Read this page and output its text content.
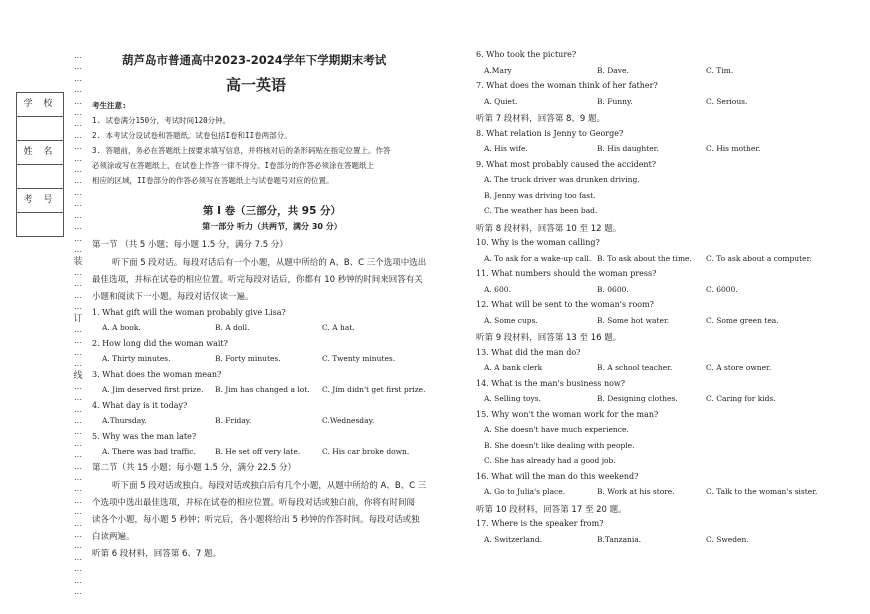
学 校
姓 名
考 号
⋯
⋯
⋯
⋯
⋯
⋯
⋯
⋯
⋯
⋯
⋯
⋯
⋯
⋯
⋯
⋯
⋯
⋯
装
⋯
⋯
⋯
⋯
订
⋯
⋯
⋯
⋯
线
⋯
⋯
⋯
⋯
⋯
⋯
⋯
⋯
⋯
⋯
⋯
⋯
⋯
⋯
⋯
⋯
⋯
⋯
⋯
葫芦岛市普通高中2023-2024学年下学期期末考试
高一英语
考生注意:
1. 试卷满分150分，考试时间120分钟。
2. 本考试分设试卷和答题纸。试卷包括I卷和II卷两部分。
3. 答题前，务必在答题纸上按要求填写信息，并将核对后的条形码贴在指定位置上。作答
必须涂或写在答题纸上，在试卷上作答一律不得分。I卷部分的作答必须涂在答题纸上
相应的区域，II卷部分的作答必须写在答题纸上与试卷题号对应的位置。
第 I 卷（三部分，共 95 分）
第一部分 听力（共两节，满分 30 分）
第一节 （共 5 小题；每小题 1.5 分，满分 7.5 分）
听下面 5 段对话。每段对话后有一个小题，从题中所给的 A、B、C 三个选项中选出
最佳选项，并标在试卷的相应位置。听完每段对话后，你都有 10 秒钟的时间来回答有关
小题和阅读下一小题。每段对话仅读一遍。
1. What gift will the woman probably give Lisa?
A. A book.	B. A doll.	C. A hat.
2. How long did the woman wait?
A. Thirty minutes.	B. Forty minutes.	C. Twenty minutes.
3. What does the woman mean?
A. Jim deserved first prize. B. Jim has changed a lot. C. Jim didn't get first prize.
4. What day is it today?
A.Thursday.	B. Friday.	C.Wednesday.
5. Why was the man late?
A. There was bad traffic.	B. He set off very late.	C. His car broke down.
第二节（共 15 小题；每小题 1.5 分，满分 22.5 分）
听下面 5 段对话或独白。每段对话或独白后有几个小题，从题中所给的 A、B、C 三
个选项中选出最佳选项，并标在试卷的相应位置。听每段对话或独白前，你将有时间阅
读各个小题，每小题 5 秒钟；听完后，各小题将给出 5 秒钟的作答时间。每段对话或独
白读两遍。
听第 6 段材料，回答第 6、7 题。
6. Who took the picture?
A.Mary	B. Dave.	C. Tim.
7. What does the woman think of her father?
A. Quiet.	B. Funny.	C. Serious.
听第 7 段材料，回答第 8、9 题。
8. What relation is Jenny to George?
A. His wife.	B. His daughter.	C. His mother.
9. What most probably caused the accident?
A. The truck driver was drunken driving.
B. Jenny was driving too fast.
C. The weather has been bad.
听第 8 段材料，回答第 10 至 12 题。
10. Why is the woman calling?
A. To ask for a wake-up call. B. To ask about the time. C. To ask about a computer.
11. What numbers should the woman press?
A. 600.	B. 0600.	C. 6000.
12. What will be sent to the woman's room?
A. Some cups.	B. Some hot water.	C. Some green tea.
听第 9 段材料，回答第 13 至 16 题。
13. What did the man do?
A. A bank clerk	B. A school teacher.	C. A store owner.
14. What is the man's business now?
A. Selling toys.	B. Designing clothes.	C. Caring for kids.
15. Why won't the woman work for the man?
A. She doesn't have much experience.
B. She doesn't like dealing with people.
C. She has already had a good job.
16. What will the man do this weekend?
A. Go to Julia's place.	B. Work at his store.	C. Talk to the woman's sister.
听第 10 段材料，回答第 17 至 20 题。
17. Where is the speaker from?
A. Switzerland.	B.Tanzania.	C. Sweden.
